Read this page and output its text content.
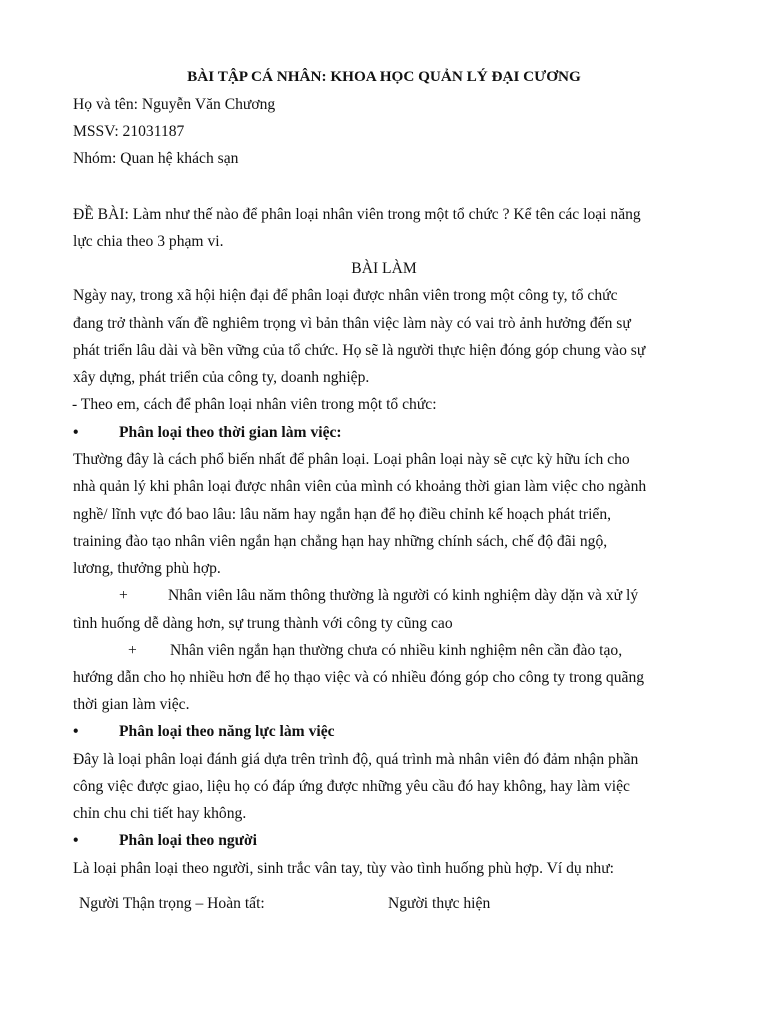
BÀI TẬP CÁ NHÂN: KHOA HỌC QUẢN LÝ ĐẠI CƯƠNG
Họ và tên: Nguyễn Văn Chương
MSSV: 21031187
Nhóm: Quan hệ khách sạn
ĐỀ BÀI: Làm như thế nào để phân loại nhân viên trong một tổ chức ? Kể tên các loại năng
lực chia theo 3 phạm vi.
BÀI LÀM
Ngày nay, trong xã hội hiện đại để phân loại được nhân viên trong một công ty, tổ chức
đang trở thành vấn đề nghiêm trọng vì bản thân việc làm này có vai trò ảnh hưởng đến sự
phát triển lâu dài và bền vững của tổ chức. Họ sẽ là người thực hiện đóng góp chung vào sự
xây dựng, phát triển của công ty, doanh nghiệp.
- Theo em, cách để phân loại nhân viên trong một tổ chức:
•	Phân loại theo thời gian làm việc:
Thường đây là cách phổ biến nhất để phân loại. Loại phân loại này sẽ cực kỳ hữu ích cho
nhà quản lý khi phân loại được nhân viên của mình có khoảng thời gian làm việc cho ngành
nghề/ lĩnh vực đó bao lâu: lâu năm hay ngắn hạn để họ điều chỉnh kế hoạch phát triển,
training đào tạo nhân viên ngắn hạn chẳng hạn hay những chính sách, chế độ đãi ngộ,
lương, thưởng phù hợp.
+	Nhân viên lâu năm thông thường là người có kinh nghiệm dày dặn và xử lý
tình huống dễ dàng hơn, sự trung thành với công ty cũng cao
+ Nhân viên ngắn hạn thường chưa có nhiều kinh nghiệm nên cần đào tạo,
hướng dẫn cho họ nhiều hơn để họ thạo việc và có nhiều đóng góp cho công ty trong quãng
thời gian làm việc.
•	Phân loại theo năng lực làm việc
Đây là loại phân loại đánh giá dựa trên trình độ, quá trình mà nhân viên đó đảm nhận phần
công việc được giao, liệu họ có đáp ứng được những yêu cầu đó hay không, hay làm việc
chỉn chu chi tiết hay không.
•	Phân loại theo người
Là loại phân loại theo người, sinh trắc vân tay, tùy vào tình huống phù hợp. Ví dụ như:
Người Thận trọng – Hoàn tất:	Người thực hiện
